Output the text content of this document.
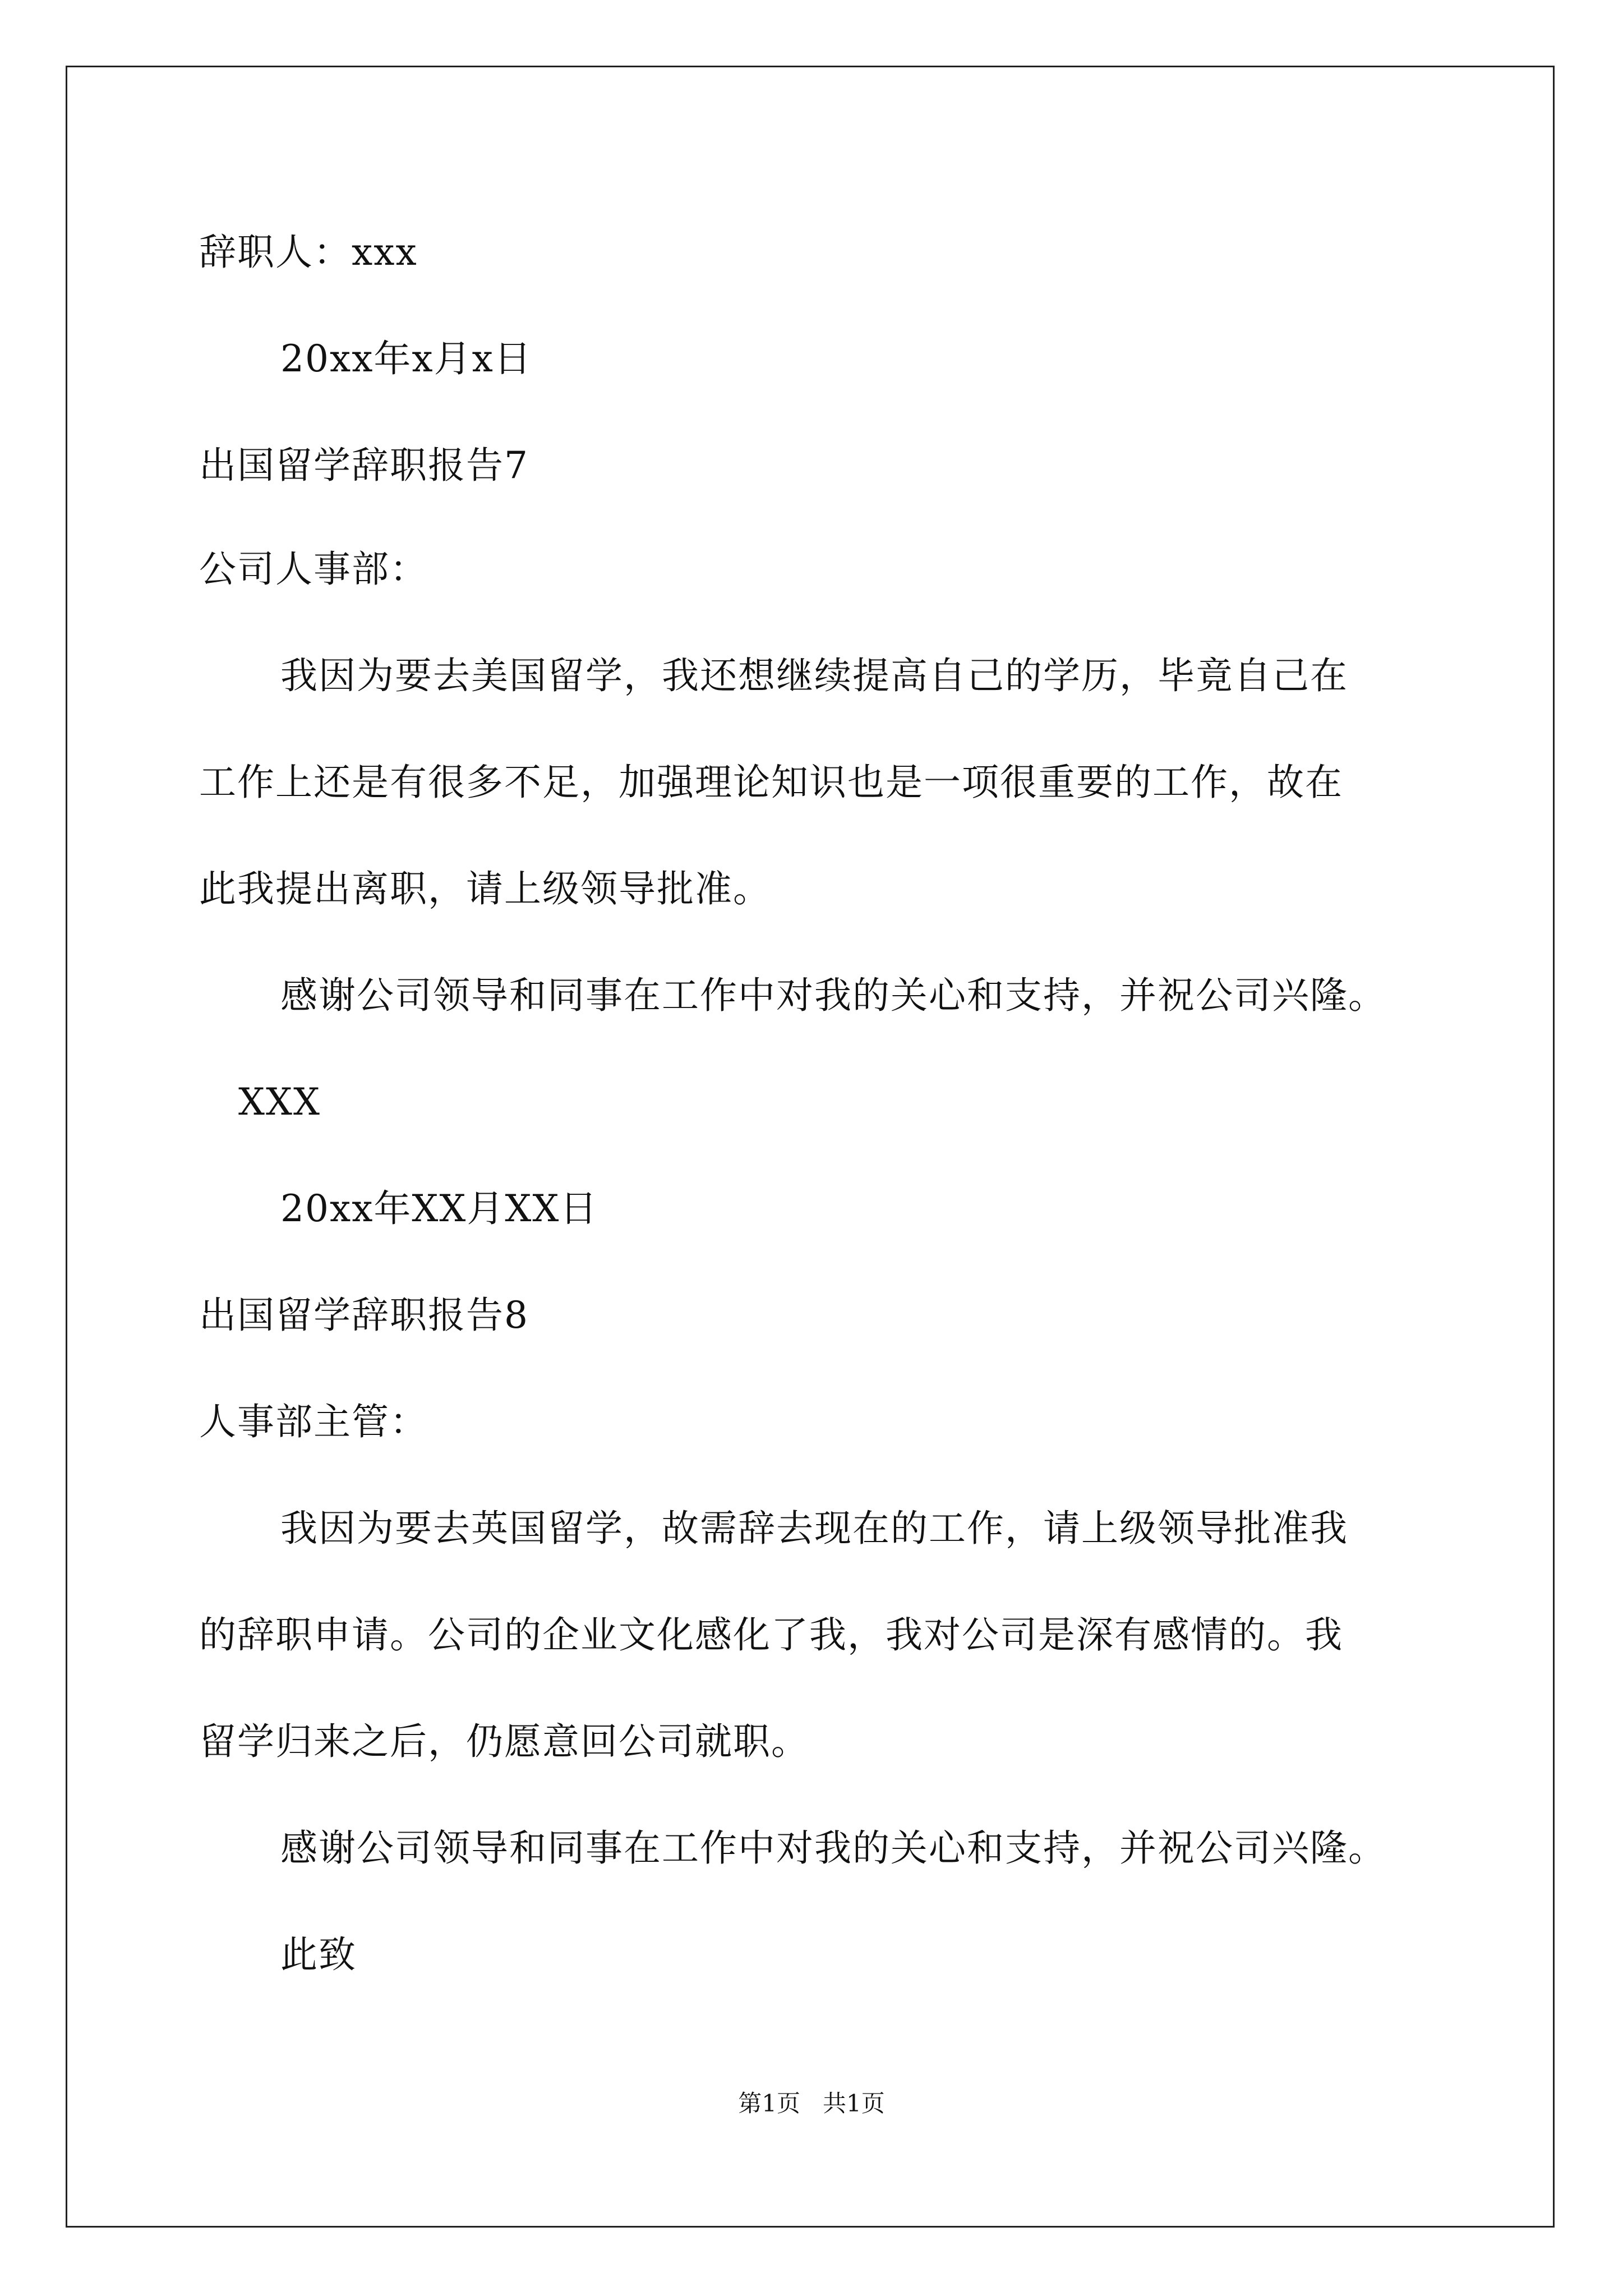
辞职人：xxx
20xx年x月x日
出国留学辞职报告7
公司人事部：
我因为要去美国留学，我还想继续提高自己的学历，毕竟自己在
工作上还是有很多不足，加强理论知识也是一项很重要的工作，故在
此我提出离职，请上级领导批准。
感谢公司领导和同事在工作中对我的关心和支持，并祝公司兴隆。
XXX
20xx年XX月XX日
出国留学辞职报告8
人事部主管：
我因为要去英国留学，故需辞去现在的工作，请上级领导批准我
的辞职申请。公司的企业文化感化了我，我对公司是深有感情的。我
留学归来之后，仍愿意回公司就职。
感谢公司领导和同事在工作中对我的关心和支持，并祝公司兴隆。
此致
第1页   共1页
